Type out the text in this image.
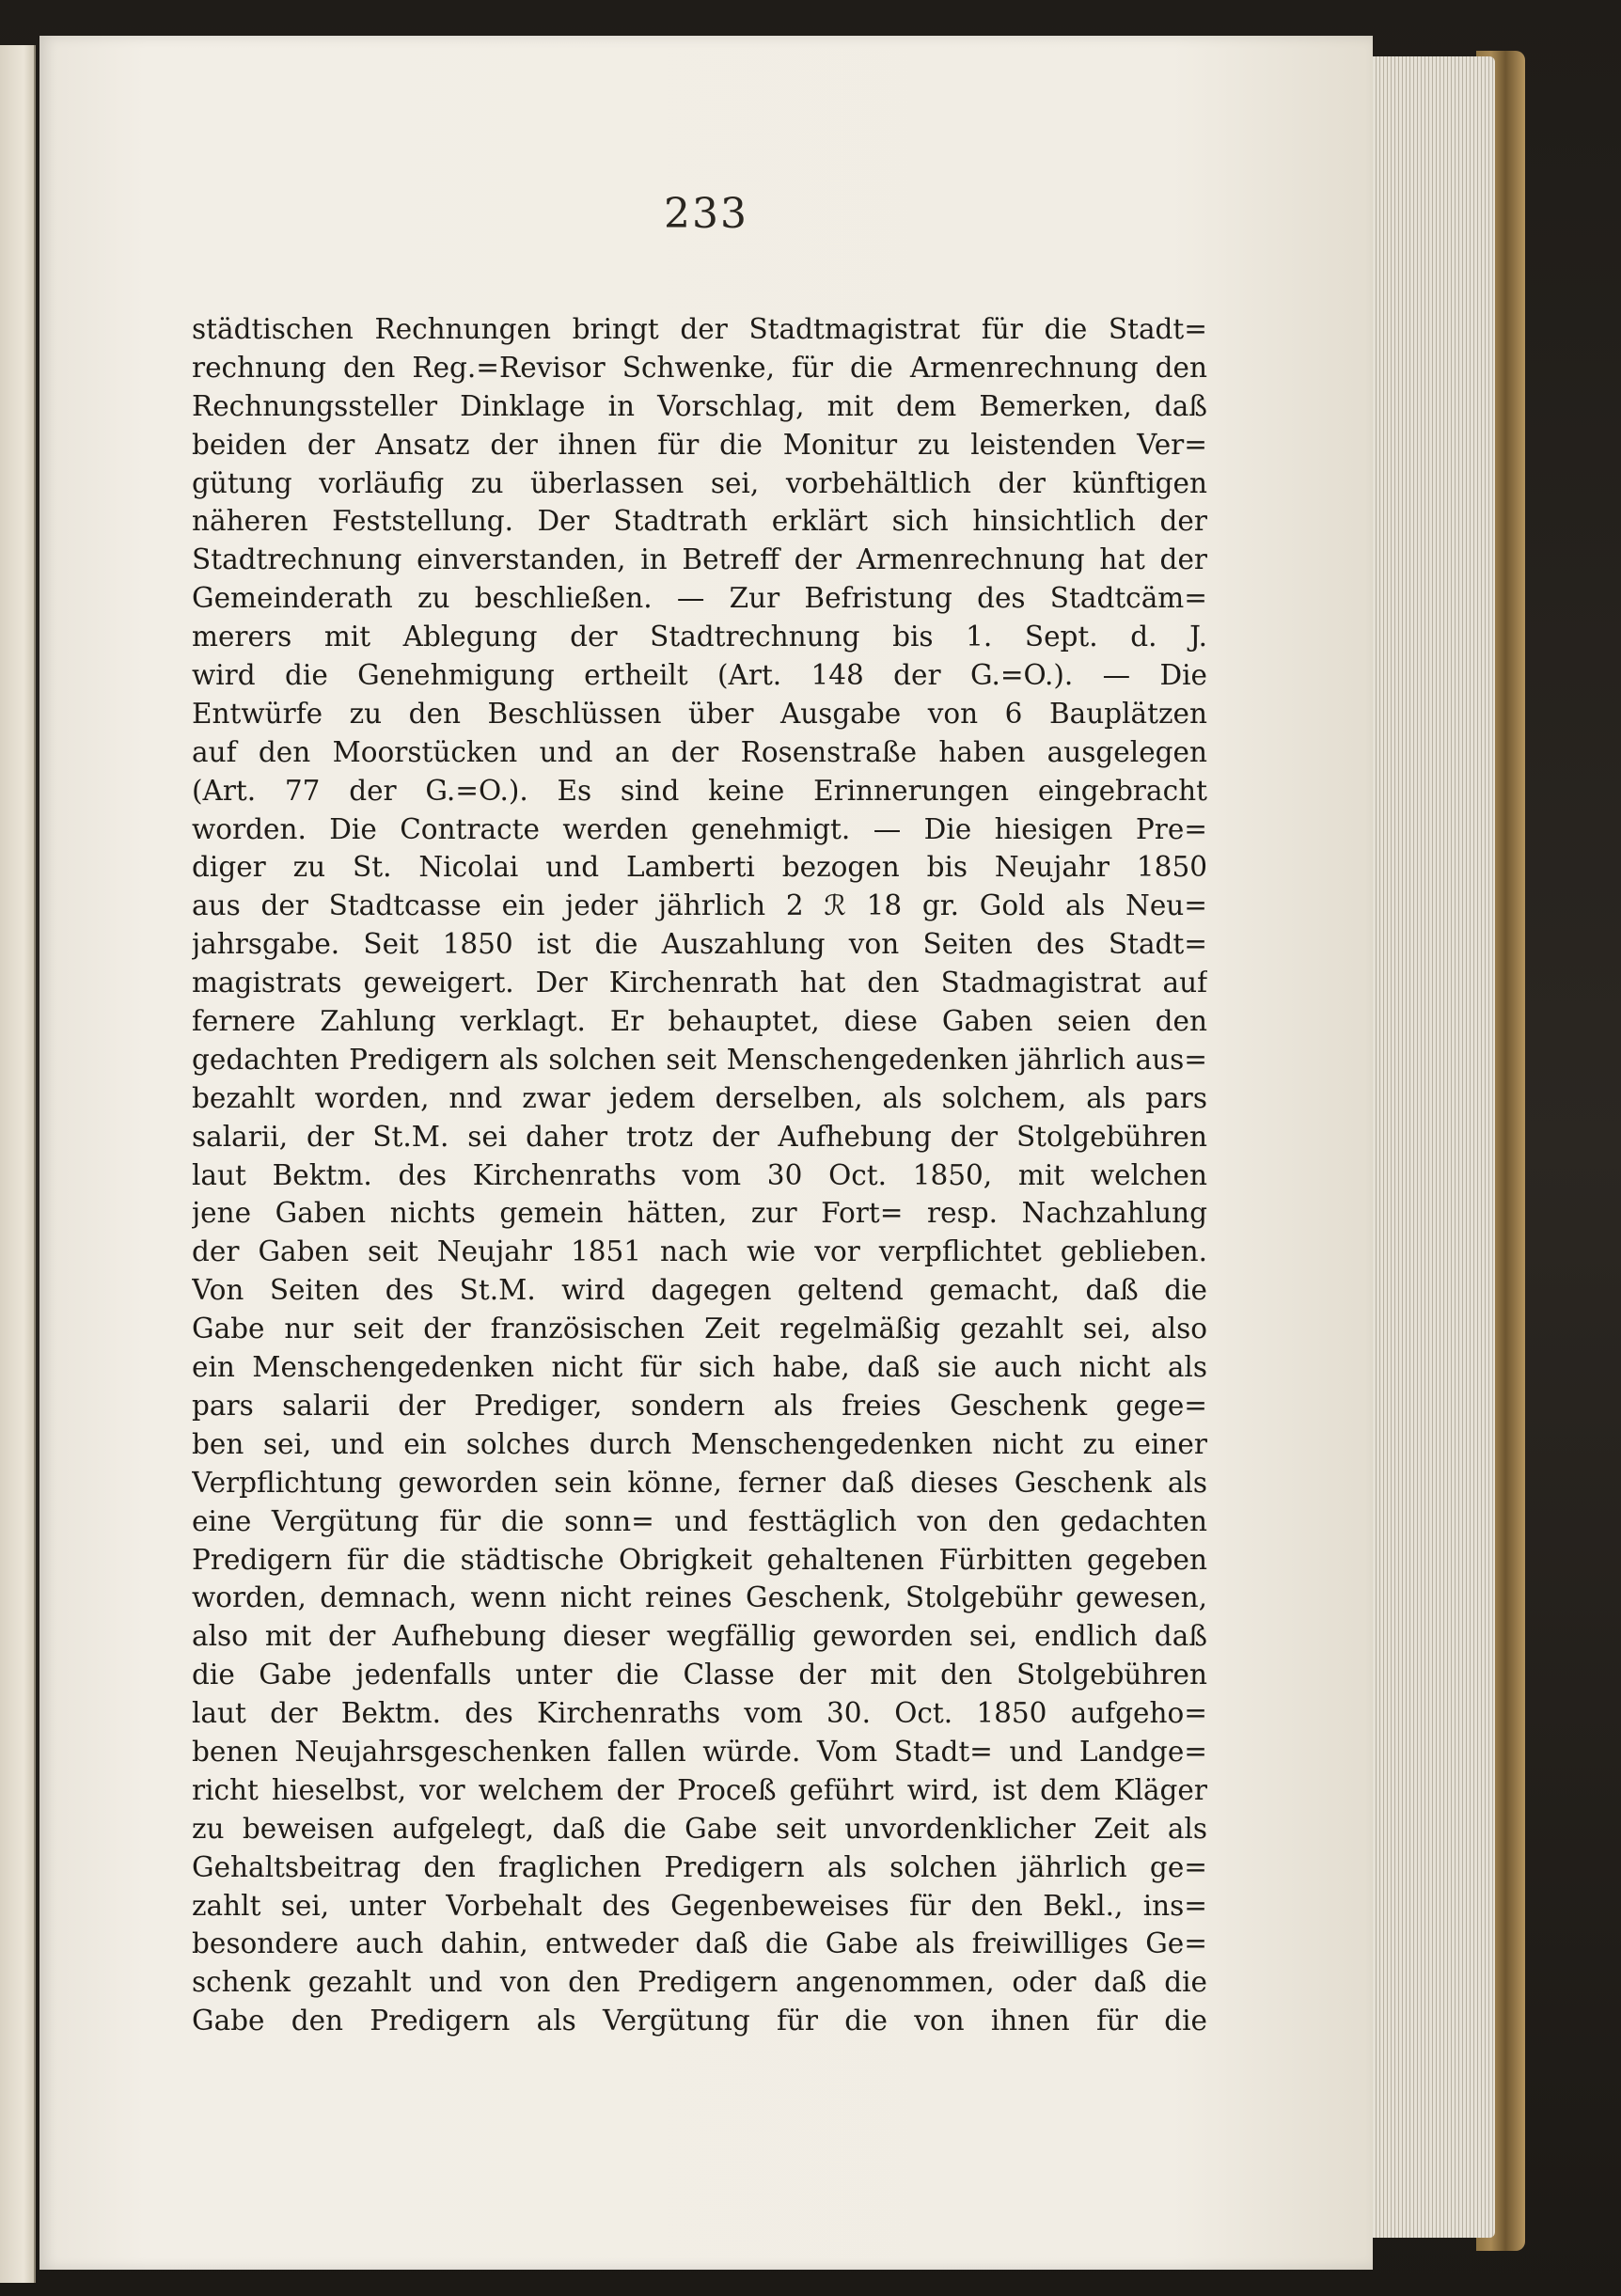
233
städtischen Rechnungen bringt der Stadtmagistrat für die Stadt=
rechnung den Reg.=Revisor Schwenke, für die Armenrechnung den
Rechnungssteller Dinklage in Vorschlag, mit dem Bemerken, daß
beiden der Ansatz der ihnen für die Monitur zu leistenden Ver=
gütung vorläufig zu überlassen sei, vorbehältlich der künftigen
näheren Feststellung. Der Stadtrath erklärt sich hinsichtlich der
Stadtrechnung einverstanden, in Betreff der Armenrechnung hat der
Gemeinderath zu beschließen. — Zur Befristung des Stadtcäm=
merers mit Ablegung der Stadtrechnung bis 1. Sept. d. J.
wird die Genehmigung ertheilt (Art. 148 der G.=O.). — Die
Entwürfe zu den Beschlüssen über Ausgabe von 6 Bauplätzen
auf den Moorstücken und an der Rosenstraße haben ausgelegen
(Art. 77 der G.=O.). Es sind keine Erinnerungen eingebracht
worden. Die Contracte werden genehmigt. — Die hiesigen Pre=
diger zu St. Nicolai und Lamberti bezogen bis Neujahr 1850
aus der Stadtcasse ein jeder jährlich 2 ℛ 18 gr. Gold als Neu=
jahrsgabe. Seit 1850 ist die Auszahlung von Seiten des Stadt=
magistrats geweigert. Der Kirchenrath hat den Stadmagistrat auf
fernere Zahlung verklagt. Er behauptet, diese Gaben seien den
gedachten Predigern als solchen seit Menschengedenken jährlich aus=
bezahlt worden, nnd zwar jedem derselben, als solchem, als pars
salarii, der St.M. sei daher trotz der Aufhebung der Stolgebühren
laut Bektm. des Kirchenraths vom 30 Oct. 1850, mit welchen
jene Gaben nichts gemein hätten, zur Fort= resp. Nachzahlung
der Gaben seit Neujahr 1851 nach wie vor verpflichtet geblieben.
Von Seiten des St.M. wird dagegen geltend gemacht, daß die
Gabe nur seit der französischen Zeit regelmäßig gezahlt sei, also
ein Menschengedenken nicht für sich habe, daß sie auch nicht als
pars salarii der Prediger, sondern als freies Geschenk gege=
ben sei, und ein solches durch Menschengedenken nicht zu einer
Verpflichtung geworden sein könne, ferner daß dieses Geschenk als
eine Vergütung für die sonn= und festtäglich von den gedachten
Predigern für die städtische Obrigkeit gehaltenen Fürbitten gegeben
worden, demnach, wenn nicht reines Geschenk, Stolgebühr gewesen,
also mit der Aufhebung dieser wegfällig geworden sei, endlich daß
die Gabe jedenfalls unter die Classe der mit den Stolgebühren
laut der Bektm. des Kirchenraths vom 30. Oct. 1850 aufgeho=
benen Neujahrsgeschenken fallen würde. Vom Stadt= und Landge=
richt hieselbst, vor welchem der Proceß geführt wird, ist dem Kläger
zu beweisen aufgelegt, daß die Gabe seit unvordenklicher Zeit als
Gehaltsbeitrag den fraglichen Predigern als solchen jährlich ge=
zahlt sei, unter Vorbehalt des Gegenbeweises für den Bekl., ins=
besondere auch dahin, entweder daß die Gabe als freiwilliges Ge=
schenk gezahlt und von den Predigern angenommen, oder daß die
Gabe den Predigern als Vergütung für die von ihnen für die
